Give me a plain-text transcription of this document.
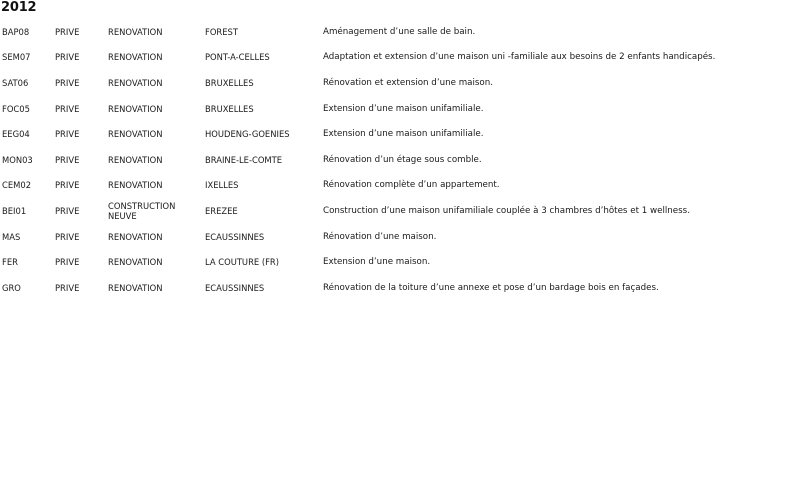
2012
BAP08	PRIVE	RENOVATION	FOREST	Aménagement d’une salle de bain.
SEM07	PRIVE	RENOVATION	PONT-A-CELLES	Adaptation et extension d’une maison uni -familiale aux besoins de 2 enfants handicapés.
SAT06	PRIVE	RENOVATION	BRUXELLES	Rénovation et extension d’une maison.
FOC05	PRIVE	RENOVATION	BRUXELLES	Extension d’une maison unifamiliale.
EEG04	PRIVE	RENOVATION	HOUDENG-GOENIES	Extension d’une maison unifamiliale.
MON03	PRIVE	RENOVATION	BRAINE-LE-COMTE	Rénovation d’un étage sous comble.
CEM02	PRIVE	RENOVATION	IXELLES	Rénovation complète d’un appartement.
BEI01	PRIVE	CONSTRUCTION NEUVE	EREZEE	Construction d’une maison unifamiliale couplée à 3 chambres d’hôtes et 1 wellness.
MAS	PRIVE	RENOVATION	ECAUSSINNES	Rénovation d’une maison.
FER	PRIVE	RENOVATION	LA COUTURE (FR)	Extension d’une maison.
GRO	PRIVE	RENOVATION	ECAUSSINNES	Rénovation de la toiture d’une annexe et pose d’un bardage bois en façades.
